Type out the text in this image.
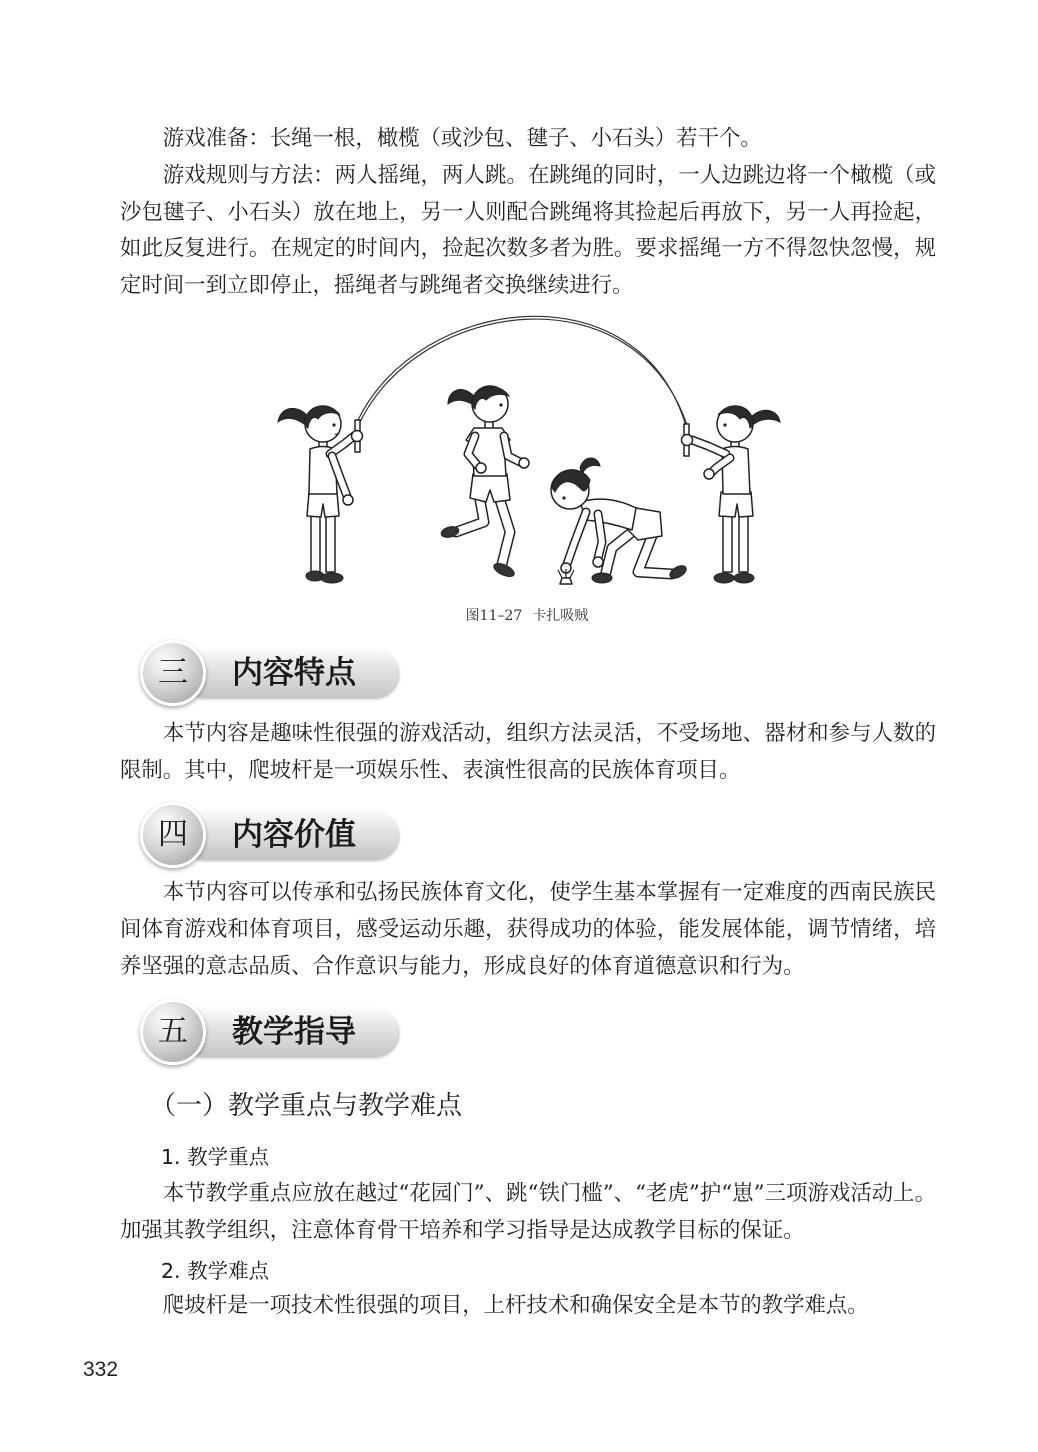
游戏准备：长绳一根，橄榄（或沙包、毽子、小石头）若干个。

游戏规则与方法：两人摇绳，两人跳。在跳绳的同时，一人边跳边将一个橄榄（或沙包毽子、小石头）放在地上，另一人则配合跳绳将其捡起后再放下，另一人再捡起，如此反复进行。在规定的时间内，捡起次数多者为胜。要求摇绳一方不得忽快忽慢，规定时间一到立即停止，摇绳者与跳绳者交换继续进行。

图11–27 卡扎吸贼
三	内容特点

本节内容是趣味性很强的游戏活动，组织方法灵活，不受场地、器材和参与人数的限制。其中，爬坡杆是一项娱乐性、表演性很高的民族体育项目。

四	内容价值

本节内容可以传承和弘扬民族体育文化，使学生基本掌握有一定难度的西南民族民间体育游戏和体育项目，感受运动乐趣，获得成功的体验，能发展体能，调节情绪，培养坚强的意志品质、合作意识与能力，形成良好的体育道德意识和行为。

五	教学指导
（一）教学重点与教学难点
1. 教学重点

本节教学重点应放在越过“花园门”、跳“铁门槛”、“老虎”护“崽”三项游戏活动上。加强其教学组织，注意体育骨干培养和学习指导是达成教学目标的保证。

2. 教学难点

爬坡杆是一项技术性很强的项目，上杆技术和确保安全是本节的教学难点。

332
